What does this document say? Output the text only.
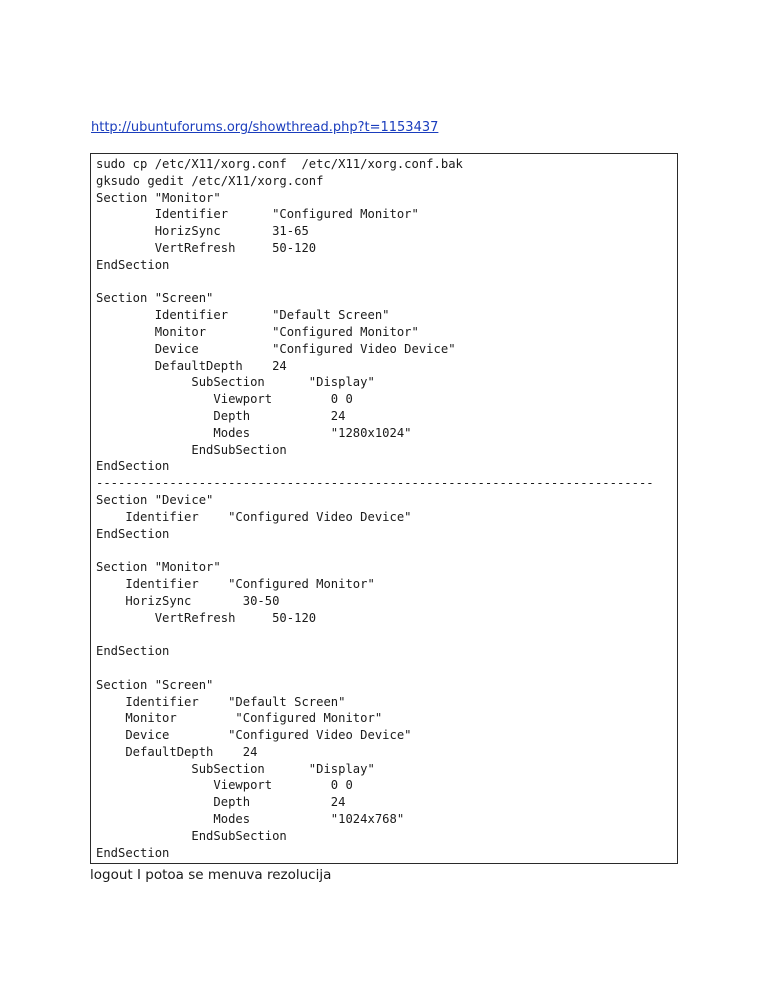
http://ubuntuforums.org/showthread.php?t=1153437
sudo cp /etc/X11/xorg.conf  /etc/X11/xorg.conf.bak
gksudo gedit /etc/X11/xorg.conf
Section "Monitor"
Identifier      "Configured Monitor"
HorizSync       31-65
VertRefresh     50-120
EndSection
Section "Screen"
Identifier      "Default Screen"
Monitor         "Configured Monitor"
Device          "Configured Video Device"
DefaultDepth    24
SubSection      "Display"
Viewport        0 0
Depth           24
Modes           "1280x1024"
EndSubSection
EndSection
----------------------------------------------------------------------------
Section "Device"
Identifier    "Configured Video Device"
EndSection
Section "Monitor"
Identifier    "Configured Monitor"
HorizSync       30-50
VertRefresh     50-120
EndSection
Section "Screen"
Identifier    "Default Screen"
Monitor        "Configured Monitor"
Device        "Configured Video Device"
DefaultDepth    24
SubSection      "Display"
Viewport        0 0
Depth           24
Modes           "1024x768"
EndSubSection
EndSection
logout I potoa se menuva rezolucija
